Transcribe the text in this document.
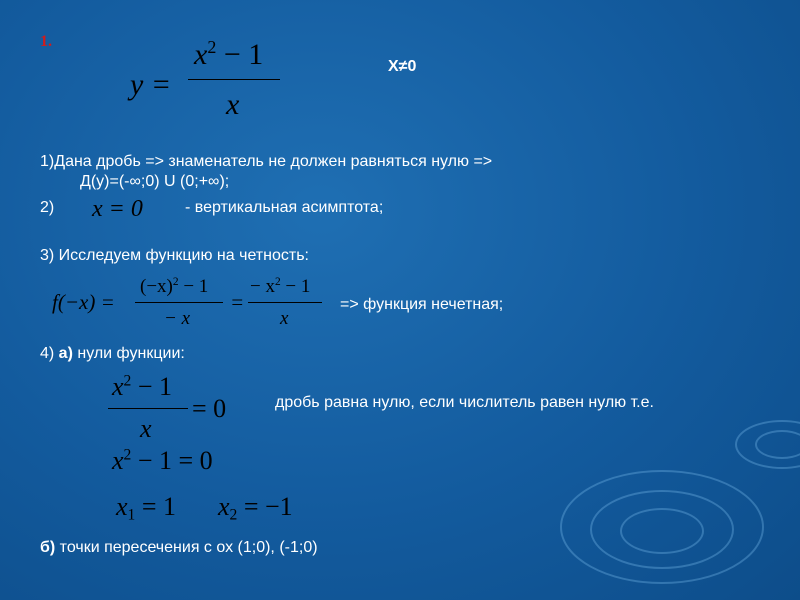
1.
y =
$x^2 - 1$
x
X≠0
1)Дана дробь => знаменатель не должен равняться нулю =>
Д(у)=(-∞;0) U (0;+∞);
2) x = 0	- вертикальная асимптота;
3) Исследуем функцию на четность:
f(−x) =
$(-x)^2 - 1$
− x
=
− $x^2 - 1$
x
=> функция нечетная;
4) а) нули функции:
$x^2 - 1$
= 0
x
дробь равна нулю, если числитель равен нулю т.е.
$x^2 - 1 = 0$
$x_1 = 1$ $x_2 = -1$
б) точки пересечения с ох (1;0), (-1;0)
